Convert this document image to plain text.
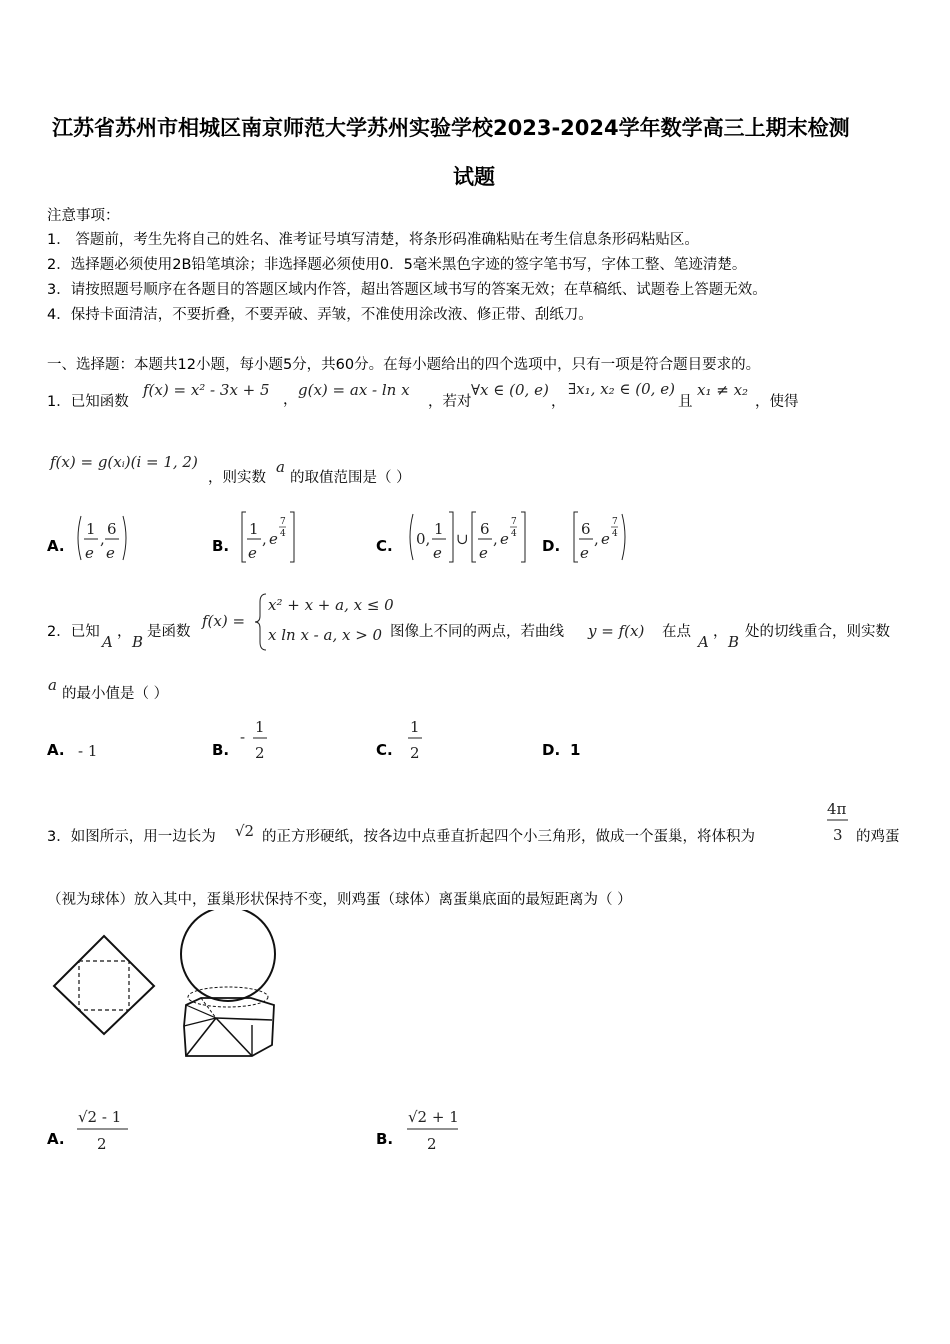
江苏省苏州市相城区南京师范大学苏州实验学校2023-2024学年数学高三上期末检测
试题
注意事项：
1． 答题前，考生先将自己的姓名、准考证号填写清楚，将条形码准确粘贴在考生信息条形码粘贴区。
2．选择题必须使用2B铅笔填涂；非选择题必须使用0．5毫米黑色字迹的签字笔书写，字体工整、笔迹清楚。
3．请按照题号顺序在各题目的答题区域内作答，超出答题区域书写的答案无效；在草稿纸、试题卷上答题无效。
4．保持卡面清洁，不要折叠，不要弄破、弄皱，不准使用涂改液、修正带、刮纸刀。
一、选择题：本题共12小题，每小题5分，共60分。在每小题给出的四个选项中，只有一项是符合题目要求的。
1．已知函数
f(x) = x² - 3x + 5
，
g(x) = ax - ln x
，若对
∀x ∈ (0, e)
，
∃x₁, x₂ ∈ (0, e)
且
x₁ ≠ x₂
，使得
f(x) = g(xᵢ)(i = 1, 2)
，则实数
a
的取值范围是（ ）
A.
1
e
,
6
e	B.
1
e
, e
7
4
C. 0,
1
e
∪
6
e
, e
7
4
D.
6
e
, e
7
4
2．已知
A
，
B
是函数
f(x) =
x² + x + a, x ≤ 0
x ln x - a, x > 0 图像上不同的两点，若曲线 y = f(x) 在点
A
，
B
处的切线重合，则实数
a 的最小值是（ ）
A. - 1	B.
-
1
2	C.
1
2	D. 1
3．如图所示，用一边长为 √2 的正方形硬纸，按各边中点垂直折起四个小三角形，做成一个蛋巢，将体积为
4π
3 的鸡蛋
（视为球体）放入其中，蛋巢形状保持不变，则鸡蛋（球体）离蛋巢底面的最短距离为（ ）
A.
√2 - 1
2	B.
√2 + 1
2
